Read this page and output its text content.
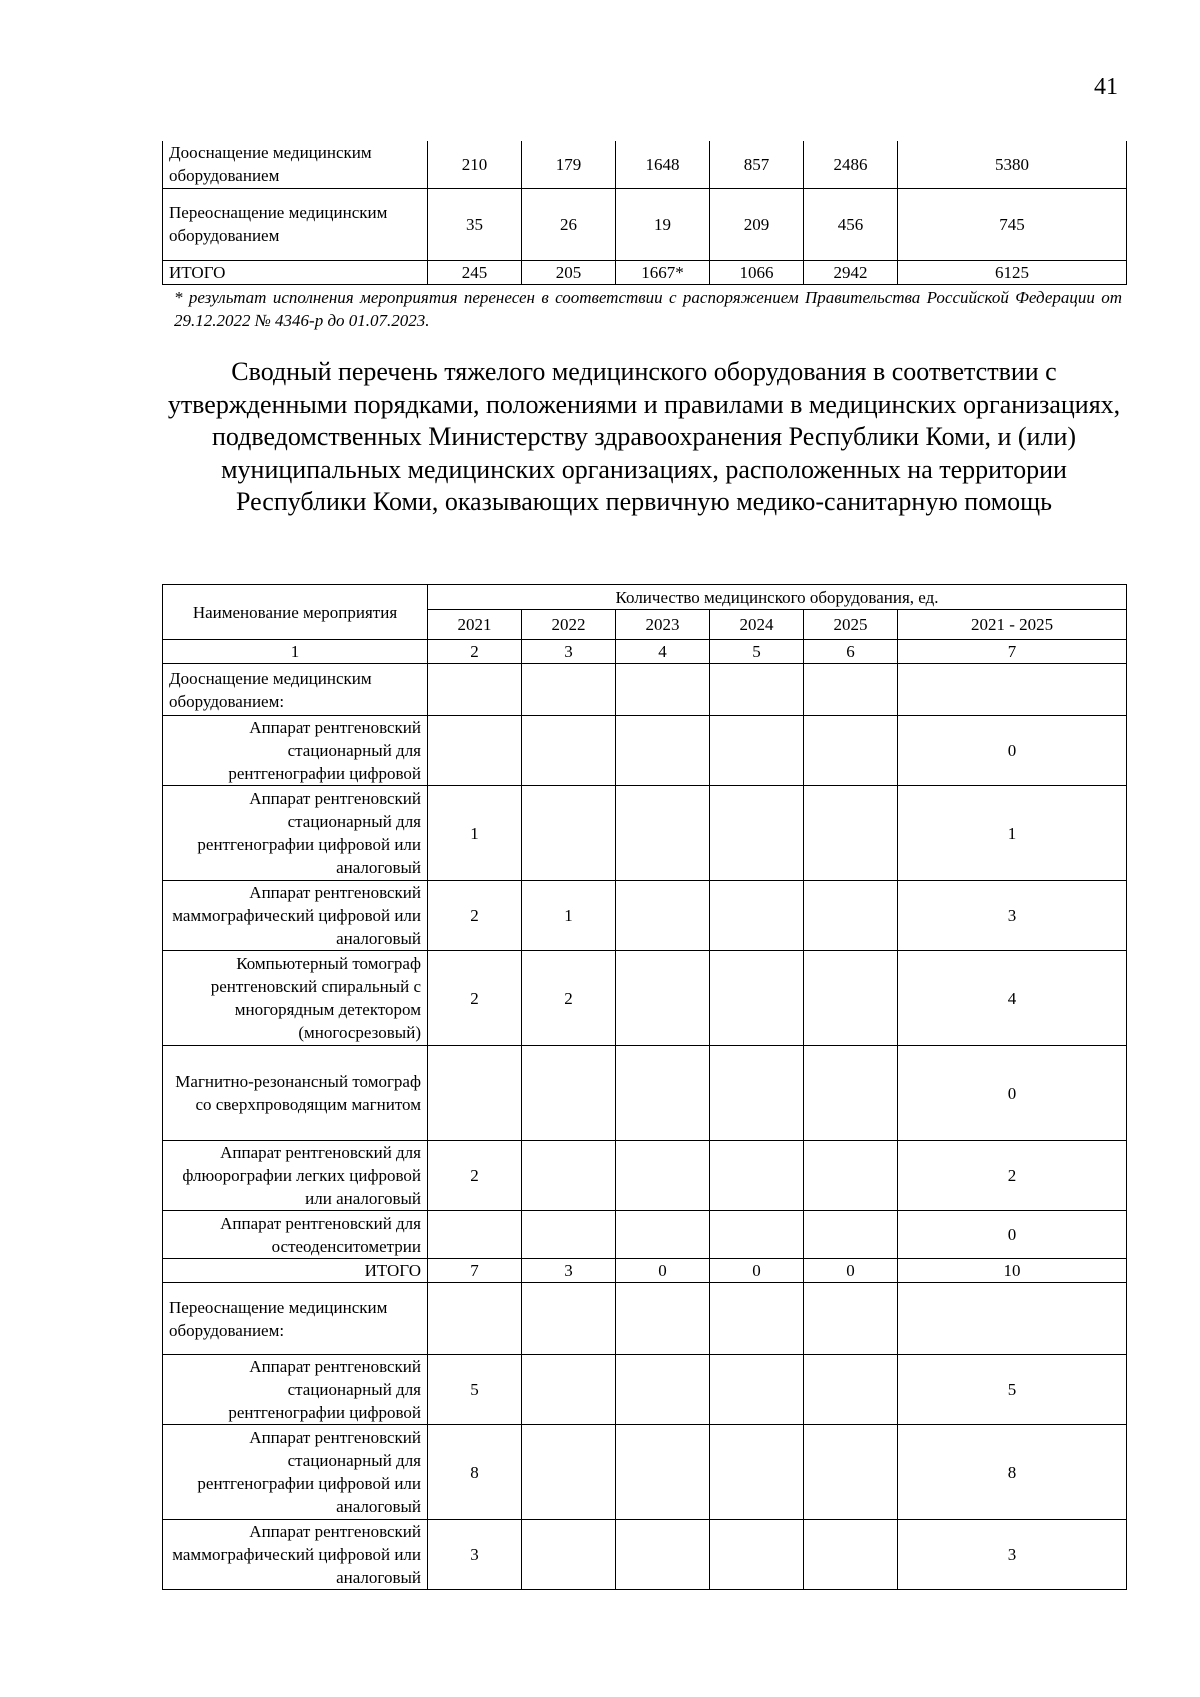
41
Дооснащение медицинским оборудованием	210	179	1648	857	2486	5380
Переоснащение медицинским оборудованием	35	26	19	209	456	745
ИТОГО	245	205	1667*	1066	2942	6125
* результат исполнения мероприятия перенесен в соответствии с распоряжением Правительства Российской Федерации от 29.12.2022 № 4346-р до 01.07.2023.
Сводный перечень тяжелого медицинского оборудования в соответствии с утвержденными порядками, положениями и правилами в медицинских организациях, подведомственных Министерству здравоохранения Республики Коми, и (или) муниципальных медицинских организациях, расположенных на территории Республики Коми, оказывающих первичную медико-санитарную помощь
Наименование мероприятия	Количество медицинского оборудования, ед.					
	2021	2022	2023	2024	2025	2021 - 2025
1	2	3	4	5	6	7
Дооснащение медицинским оборудованием:						
Аппарат рентгеновский стационарный для рентгенографии цифровой						0
Аппарат рентгеновский стационарный для рентгенографии цифровой или аналоговый	1					1
Аппарат рентгеновский маммографический цифровой или аналоговый	2	1				3
Компьютерный томограф рентгеновский спиральный с многорядным детектором (многосрезовый)	2	2				4
Магнитно-резонансный томограф со сверхпроводящим магнитом						0
Аппарат рентгеновский для флюорографии легких цифровой или аналоговый	2					2
Аппарат рентгеновский для остеоденситометрии						0
ИТОГО	7	3	0	0	0	10
Переоснащение медицинским оборудованием:						
Аппарат рентгеновский стационарный для рентгенографии цифровой	5					5
Аппарат рентгеновский стационарный для рентгенографии цифровой или аналоговый	8					8
Аппарат рентгеновский маммографический цифровой или аналоговый	3					3
